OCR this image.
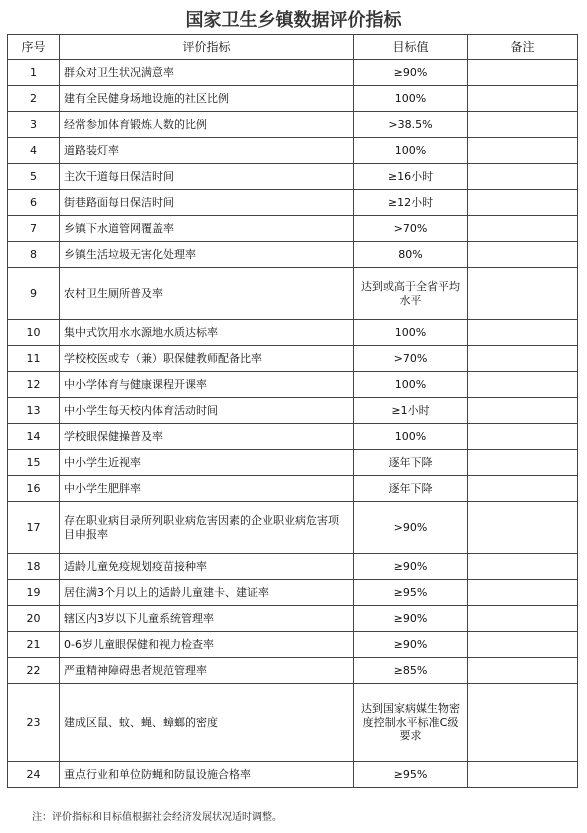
国家卫生乡镇数据评价指标
序号	评价指标	目标值	备注
1	群众对卫生状况满意率	≥90%	
2	建有全民健身场地设施的社区比例	100%	
3	经常参加体育锻炼人数的比例	>38.5%	
4	道路装灯率	100%	
5	主次干道每日保洁时间	≥16小时	
6	街巷路面每日保洁时间	≥12小时	
7	乡镇下水道管网覆盖率	>70%	
8	乡镇生活垃圾无害化处理率	80%	
9	农村卫生厕所普及率	达到或高于全省平均水平	
10	集中式饮用水水源地水质达标率	100%	
11	学校校医或专（兼）职保健教师配备比率	>70%	
12	中小学体育与健康课程开课率	100%	
13	中小学生每天校内体育活动时间	≥1小时	
14	学校眼保健操普及率	100%	
15	中小学生近视率	逐年下降	
16	中小学生肥胖率	逐年下降	
17	存在职业病目录所列职业病危害因素的企业职业病危害项目申报率	>90%	
18	适龄儿童免疫规划疫苗接种率	≥90%	
19	居住满3个月以上的适龄儿童建卡、建证率	≥95%	
20	辖区内3岁以下儿童系统管理率	≥90%	
21	0-6岁儿童眼保健和视力检查率	≥90%	
22	严重精神障碍患者规范管理率	≥85%	
23	建成区鼠、蚊、蝇、蟑螂的密度	达到国家病媒生物密度控制水平标准C级要求	
24	重点行业和单位防蝇和防鼠设施合格率	≥95%	
注：评价指标和目标值根据社会经济发展状况适时调整。
